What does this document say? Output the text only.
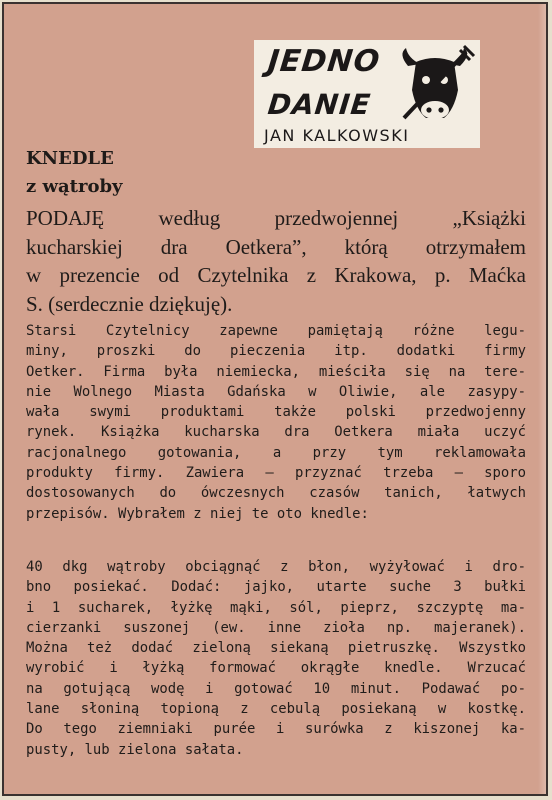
JEDNO
DANIE
JAN KALKOWSKI
KNEDLE
z wątroby

PODAJĘ według przedwojennej „Książki
kucharskiej dra Oetkera”, którą otrzymałem
w prezencie od Czytelnika z Krakowa, p. Maćka
S. (serdecznie dziękuję).

Starsi Czytelnicy zapewne pamiętają różne legu-
miny, proszki do pieczenia itp. dodatki firmy
Oetker. Firma była niemiecka, mieściła się na tere-
nie Wolnego Miasta Gdańska w Oliwie, ale zasypy-
wała swymi produktami także polski przedwojenny
rynek. Książka kucharska dra Oetkera miała uczyć
racjonalnego gotowania, a przy tym reklamowała
produkty firmy. Zawiera — przyznać trzeba — sporo
dostosowanych do ówczesnych czasów tanich, łatwych
przepisów. Wybrałem z niej te oto knedle:

40 dkg wątroby obciągnąć z błon, wyżyłować i dro-
bno posiekać. Dodać: jajko, utarte suche 3 bułki
i 1 sucharek, łyżkę mąki, sól, pieprz, szczyptę ma-
cierzanki suszonej (ew. inne zioła np. majeranek).
Można też dodać zieloną siekaną pietruszkę. Wszystko
wyrobić i łyżką formować okrągłe knedle. Wrzucać
na gotującą wodę i gotować 10 minut. Podawać po-
lane słoniną topioną z cebulą posiekaną w kostkę.
Do tego ziemniaki purée i surówka z kiszonej ka-
pusty, lub zielona sałata.
